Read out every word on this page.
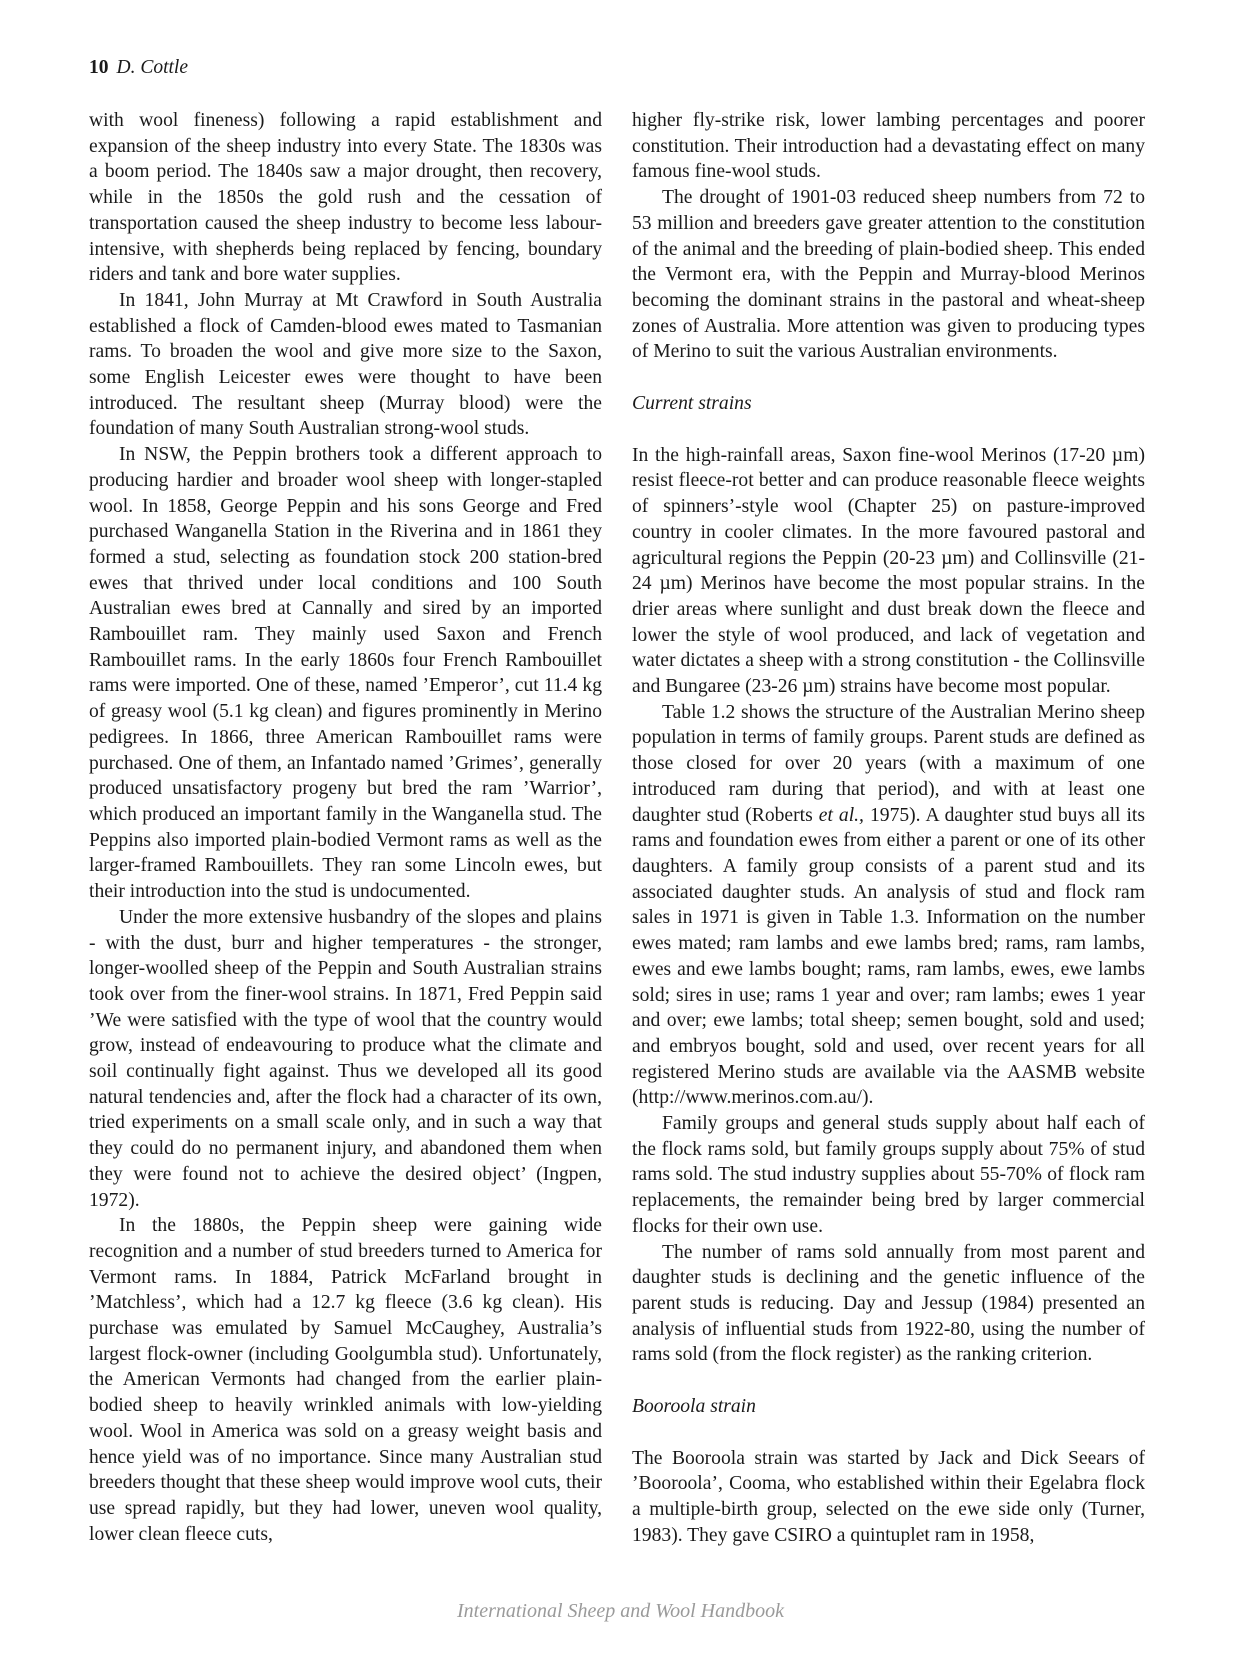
10 D. Cottle

with wool fineness) following a rapid establishment and expansion of the sheep industry into every State. The 1830s was a boom period. The 1840s saw a major drought, then recovery, while in the 1850s the gold rush and the cessation of transportation caused the sheep industry to become less labour-intensive, with shepherds being replaced by fencing, boundary riders and tank and bore water supplies.

In 1841, John Murray at Mt Crawford in South Australia established a flock of Camden-blood ewes mated to Tasmanian rams. To broaden the wool and give more size to the Saxon, some English Leicester ewes were thought to have been introduced. The resultant sheep (Murray blood) were the foundation of many South Australian strong-wool studs.

In NSW, the Peppin brothers took a different approach to producing hardier and broader wool sheep with longer-stapled wool. In 1858, George Peppin and his sons George and Fred purchased Wanganella Station in the Riverina and in 1861 they formed a stud, selecting as foundation stock 200 station-bred ewes that thrived under local conditions and 100 South Australian ewes bred at Cannally and sired by an imported Rambouillet ram. They mainly used Saxon and French Rambouillet rams. In the early 1860s four French Rambouillet rams were imported. One of these, named ’Emperor’, cut 11.4 kg of greasy wool (5.1 kg clean) and figures prominently in Merino pedigrees. In 1866, three American Rambouillet rams were purchased. One of them, an Infantado named ’Grimes’, generally produced unsatisfactory progeny but bred the ram ’Warrior’, which produced an important family in the Wanganella stud. The Peppins also imported plain-bodied Vermont rams as well as the larger-framed Rambouillets. They ran some Lincoln ewes, but their introduction into the stud is undocumented.

Under the more extensive husbandry of the slopes and plains - with the dust, burr and higher temperatures - the stronger, longer-woolled sheep of the Peppin and South Australian strains took over from the finer-wool strains. In 1871, Fred Peppin said ’We were satisfied with the type of wool that the country would grow, instead of endeavouring to produce what the climate and soil continually fight against. Thus we developed all its good natural tendencies and, after the flock had a character of its own, tried experiments on a small scale only, and in such a way that they could do no permanent injury, and abandoned them when they were found not to achieve the desired object’ (Ingpen, 1972).

In the 1880s, the Peppin sheep were gaining wide recognition and a number of stud breeders turned to America for Vermont rams. In 1884, Patrick McFarland brought in ’Matchless’, which had a 12.7 kg fleece (3.6 kg clean). His purchase was emulated by Samuel McCaughey, Australia’s largest flock-owner (including Goolgumbla stud). Unfortunately, the American Vermonts had changed from the earlier plain-bodied sheep to heavily wrinkled animals with low-yielding wool. Wool in America was sold on a greasy weight basis and hence yield was of no importance. Since many Australian stud breeders thought that these sheep would improve wool cuts, their use spread rapidly, but they had lower, uneven wool quality, lower clean fleece cuts,

higher fly-strike risk, lower lambing percentages and poorer constitution. Their introduction had a devastating effect on many famous fine-wool studs.

The drought of 1901-03 reduced sheep numbers from 72 to 53 million and breeders gave greater attention to the constitution of the animal and the breeding of plain-bodied sheep. This ended the Vermont era, with the Peppin and Murray-blood Merinos becoming the dominant strains in the pastoral and wheat-sheep zones of Australia. More attention was given to producing types of Merino to suit the various Australian environments.

Current strains

In the high-rainfall areas, Saxon fine-wool Merinos (17-20 µm) resist fleece-rot better and can produce reasonable fleece weights of spinners’-style wool (Chapter 25) on pasture-improved country in cooler climates. In the more favoured pastoral and agricultural regions the Peppin (20-23 µm) and Collinsville (21-24 µm) Merinos have become the most popular strains. In the drier areas where sunlight and dust break down the fleece and lower the style of wool produced, and lack of vegetation and water dictates a sheep with a strong constitution - the Collinsville and Bungaree (23-26 µm) strains have become most popular.

Table 1.2 shows the structure of the Australian Merino sheep population in terms of family groups. Parent studs are defined as those closed for over 20 years (with a maximum of one introduced ram during that period), and with at least one daughter stud (Roberts et al., 1975). A daughter stud buys all its rams and foundation ewes from either a parent or one of its other daughters. A family group consists of a parent stud and its associated daughter studs. An analysis of stud and flock ram sales in 1971 is given in Table 1.3. Information on the number ewes mated; ram lambs and ewe lambs bred; rams, ram lambs, ewes and ewe lambs bought; rams, ram lambs, ewes, ewe lambs sold; sires in use; rams 1 year and over; ram lambs; ewes 1 year and over; ewe lambs; total sheep; semen bought, sold and used; and embryos bought, sold and used, over recent years for all registered Merino studs are available via the AASMB website (http://www.merinos.com.au/).

Family groups and general studs supply about half each of the flock rams sold, but family groups supply about 75% of stud rams sold. The stud industry supplies about 55-70% of flock ram replacements, the remainder being bred by larger commercial flocks for their own use.

The number of rams sold annually from most parent and daughter studs is declining and the genetic influence of the parent studs is reducing. Day and Jessup (1984) presented an analysis of influential studs from 1922-80, using the number of rams sold (from the flock register) as the ranking criterion.

Booroola strain

The Booroola strain was started by Jack and Dick Seears of ’Booroola’, Cooma, who established within their Egelabra flock a multiple-birth group, selected on the ewe side only (Turner, 1983). They gave CSIRO a quintuplet ram in 1958,

International Sheep and Wool Handbook
